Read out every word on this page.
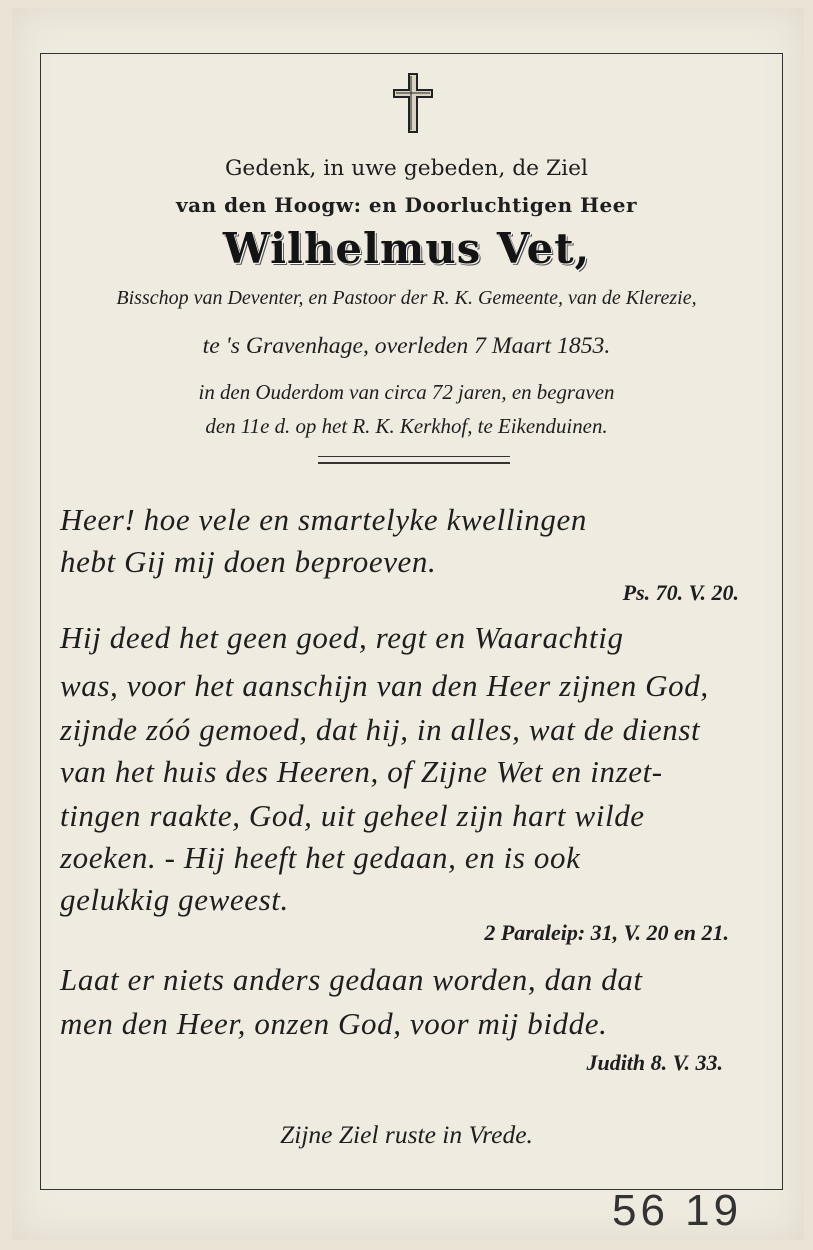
Gedenk, in uwe gebeden, de Ziel
van den Hoogw: en Doorluchtigen Heer
Wilhelmus Vet,
Bisschop van Deventer, en Pastoor der R. K. Gemeente, van de Klerezie,
te 's Gravenhage, overleden 7 Maart 1853.
in den Ouderdom van circa 72 jaren, en begraven
den 11e d. op het R. K. Kerkhof, te Eikenduinen.
Heer! hoe vele en smartelyke kwellingen
hebt Gij mij doen beproeven.
Ps. 70. V. 20.
Hij deed het geen goed, regt en Waarachtig
was, voor het aanschijn van den Heer zijnen God,
zijnde zóó gemoed, dat hij, in alles, wat de dienst
van het huis des Heeren, of Zijne Wet en inzet-
tingen raakte, God, uit geheel zijn hart wilde
zoeken. - Hij heeft het gedaan, en is ook
gelukkig geweest.
2 Paraleip: 31, V. 20 en 21.
Laat er niets anders gedaan worden, dan dat
men den Heer, onzen God, voor mij bidde.
Judith 8. V. 33.
Zijne Ziel ruste in Vrede.
56 19
